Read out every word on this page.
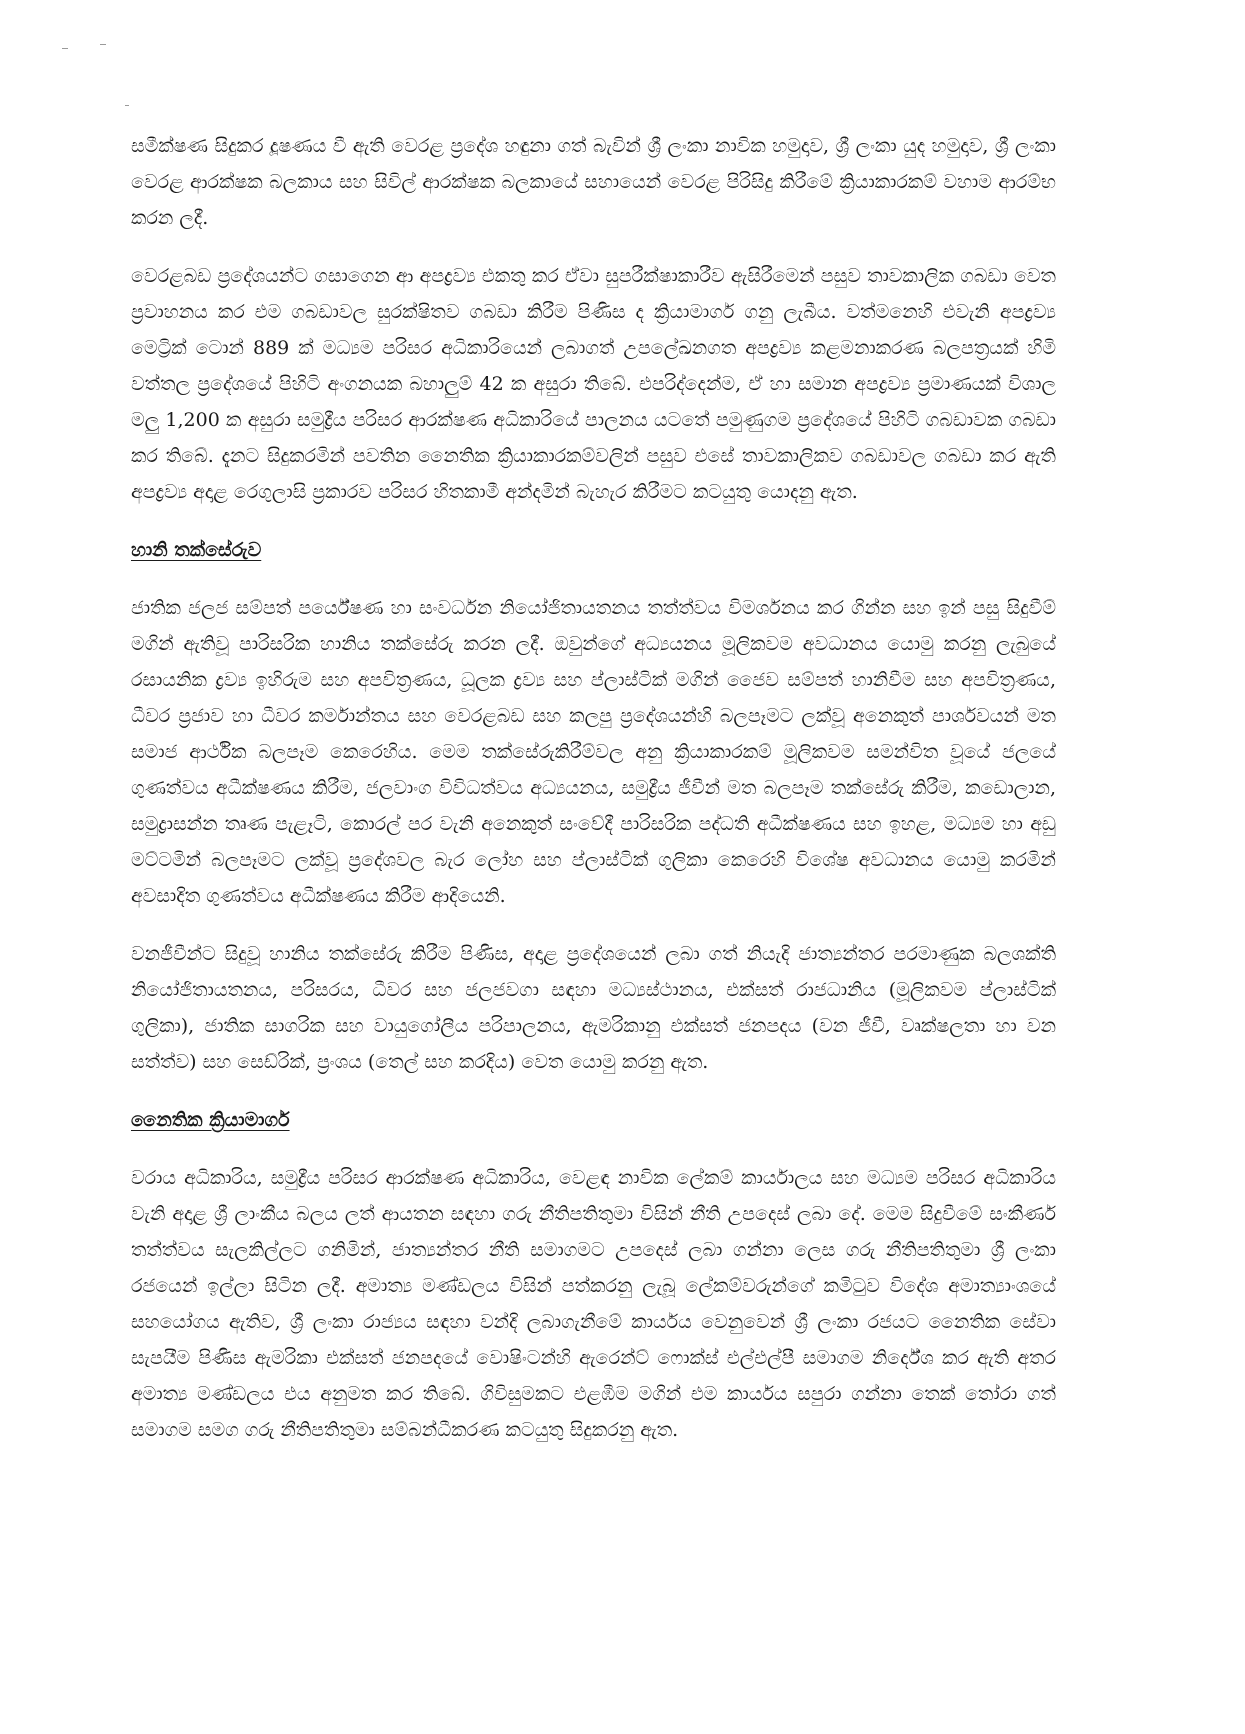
සමීක්ෂණ සිදුකර දූෂණය වී ඇති වෙරළ ප්‍රදේශ හඳුනා ගත් බැවින් ශ්‍රී ලංකා නාවික හමුදාව, ශ්‍රී ලංකා යුද හමුදාව, ශ්‍රී ලංකා වෙරළ ආරක්ෂක බලකාය සහ සිවිල් ආරක්ෂක බලකායේ සහායෙන් වෙරළ පිරිසිදු කිරීමේ ක්‍රියාකාරකම් වහාම ආරම්භ කරන ලදී.

වෙරළබඩ ප්‍රදේශයන්ට ගසාගෙන ආ අපද්‍රව්‍ය එකතු කර ඒවා සුපරීක්ෂාකාරීව ඇසිරීමෙන් පසුව තාවකාලික ගබඩා වෙත ප්‍රවාහනය කර එම ගබඩාවල සුරක්ෂිතව ගබඩා කිරීම පිණිස ද ක්‍රියාමාර්ග ගනු ලැබීය. වත්මනෙහි එවැනි අපද්‍රව්‍ය මෙට්‍රික් ටොන් 889 ක් මධ්‍යම පරිසර අධිකාරියෙන් ලබාගත් උපලේඛනගත අපද්‍රව්‍ය කළමනාකරණ බලපත්‍රයක් හිමි වත්තල ප්‍රදේශයේ පිහිටි අංගනයක බහාලුම් 42 ක අසුරා තිබේ. එපරිද්දෙන්ම, ඒ හා සමාන අපද්‍රව්‍ය ප්‍රමාණයක් විශාල මලු 1,200 ක අසුරා සමුද්‍රීය පරිසර ආරක්ෂණ අධිකාරියේ පාලනය යටතේ පමුණුගම ප්‍රදේශයේ පිහිටි ගබඩාවක ගබඩා කර තිබේ. දැනට සිදුකරමින් පවතින නෛතික ක්‍රියාකාරකම්වලින් පසුව එසේ තාවකාලිකව ගබඩාවල ගබඩා කර ඇති අපද්‍රව්‍ය අදාළ රෙගුලාසි ප්‍රකාරව පරිසර හිතකාමී අන්දමින් බැහැර කිරීමට කටයුතු යොදනු ඇත.

හානි තක්සේරුව

ජාතික ජලජ සම්පත් පර්යේෂණ හා සංවර්ධන නියෝජිතායතනය තත්ත්වය විමර්ශනය කර ගින්න සහ ඉන් පසු සිදුවීම් මගින් ඇතිවූ පාරිසරික හානිය තක්සේරු කරන ලදී. ඔවුන්ගේ අධ්‍යයනය මූලිකවම අවධානය යොමු කරනු ලැබුයේ රසායනික ද්‍රව්‍ය ඉහිරුම සහ අපවිත්‍රණය, ධූලක ද්‍රව්‍ය සහ ප්ලාස්ටික් මගින් ජෛව සම්පත් හානිවීම සහ අපවිත්‍රණය, ධීවර ප්‍රජාව හා ධීවර කර්මාන්තය සහ වෙරළබඩ සහ කලපු ප්‍රදේශයන්හි බලපෑමට ලක්වූ අනෙකුත් පාර්ශවයන් මත සමාජ ආර්ථික බලපෑම කෙරෙහිය. මෙම තක්සේරුකිරීම්වල අනු ක්‍රියාකාරකම් මූලිකවම සමන්විත වූයේ ජලයේ ගුණත්වය අධීක්ෂණය කිරීම, ජලවාංග විවිධත්වය අධ්‍යයනය, සමුද්‍රීය ජීවීන් මත බලපෑම තක්සේරු කිරීම, කඩොලාන, සමුද්‍රාසන්න තෘණ පැළෑටි, කොරල් පර වැනි අනෙකුත් සංවේදී පාරිසරික පද්ධති අධීක්ෂණය සහ ඉහළ, මධ්‍යම හා අඩු මට්ටමින් බලපෑමට ලක්වූ ප්‍රදේශවල බැර ලෝහ සහ ප්ලාස්ටික් ගුලිකා කෙරෙහි විශේෂ අවධානය යොමු කරමින් අවසාදිත ගුණත්වය අධීක්ෂණය කිරීම ආදියෙනි.

වනජීවීන්ට සිදුවූ හානිය තක්සේරු කිරීම පිණිස, අදාළ ප්‍රදේශයෙන් ලබා ගත් නියැදි ජාත්‍යන්තර පරමාණුක බලශක්ති නියෝජිතායතනය, පරිසරය, ධීවර සහ ජලජවගා සඳහා මධ්‍යස්ථානය, එක්සත් රාජධානිය (මූලිකවම ප්ලාස්ටික් ගුලිකා), ජාතික සාගරික සහ වායුගෝලීය පරිපාලනය, ඇමරිකානු එක්සත් ජනපදය (වන ජීවී, වෘක්ෂලතා හා වන සත්ත්ව) සහ සෙඩ්රික්, ප්‍රංශය (තෙල් සහ කරදිය) වෙත යොමු කරනු ඇත.

නෛතික ක්‍රියාමාර්ග

වරාය අධිකාරිය, සමුද්‍රීය පරිසර ආරක්ෂණ අධිකාරිය, වෙළඳ නාවික ලේකම් කාර්යාලය සහ මධ්‍යම පරිසර අධිකාරිය වැනි අදාළ ශ්‍රී ලාංකීය බලය ලත් ආයතන සඳහා ගරු නීතිපතිතුමා විසින් නීති උපදෙස් ලබා දේ. මෙම සිදුවීමේ සංකීර්ණ තත්ත්වය සැලකිල්ලට ගනිමින්, ජාත්‍යන්තර නීති සමාගමට උපදෙස් ලබා ගන්නා ලෙස ගරු නීතිපතිතුමා ශ්‍රී ලංකා රජයෙන් ඉල්ලා සිටින ලදී. අමාත්‍ය මණ්ඩලය විසින් පත්කරනු ලැබූ ලේකම්වරුන්ගේ කමිටුව විදේශ අමාත්‍යාංශයේ සහයෝගය ඇතිව, ශ්‍රී ලංකා රාජ්‍යය සඳහා වන්දි ලබාගැනීමේ කාර්යය වෙනුවෙන් ශ්‍රී ලංකා රජයට නෛතික සේවා සැපයීම පිණිස ඇමරිකා එක්සත් ජනපදයේ වොෂිංටන්හි ඇරෙන්ට් ෆොක්ස් එල්එල්පී සමාගම නිර්දේශ කර ඇති අතර අමාත්‍ය මණ්ඩලය එය අනුමත කර තිබේ. ගිවිසුමකට එළඹීම මගින් එම කාර්යය සපුරා ගන්නා තෙක් තෝරා ගත් සමාගම සමග ගරු නීතිපතිතුමා සම්බන්ධීකරණ කටයුතු සිදුකරනු ඇත.
